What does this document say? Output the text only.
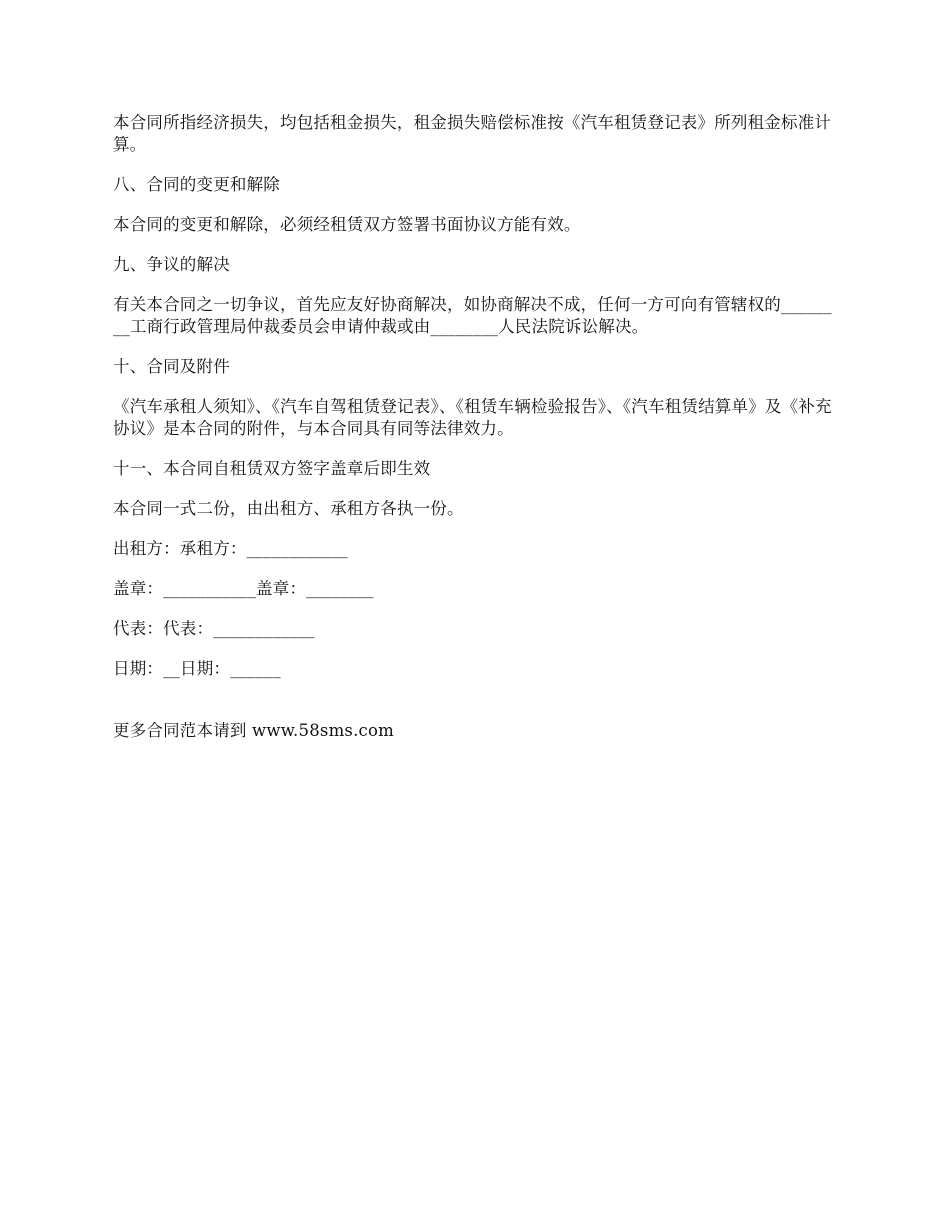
本合同所指经济损失，均包括租金损失，租金损失赔偿标准按《汽车租赁登记表》所列租金标准计算。

八、合同的变更和解除

本合同的变更和解除，必须经租赁双方签署书面协议方能有效。

九、争议的解决

有关本合同之一切争议，首先应友好协商解决，如协商解决不成，任何一方可向有管辖权的________工商行政管理局仲裁委员会申请仲裁或由________人民法院诉讼解决。

十、合同及附件

《汽车承租人须知》、《汽车自驾租赁登记表》、《租赁车辆检验报告》、《汽车租赁结算单》及《补充协议》是本合同的附件，与本合同具有同等法律效力。

十一、本合同自租赁双方签字盖章后即生效

本合同一式二份，由出租方、承租方各执一份。

出租方：承租方：____________

盖章：___________盖章：________

代表：代表：____________

日期：__日期：______

更多合同范本请到 www.58sms.com
